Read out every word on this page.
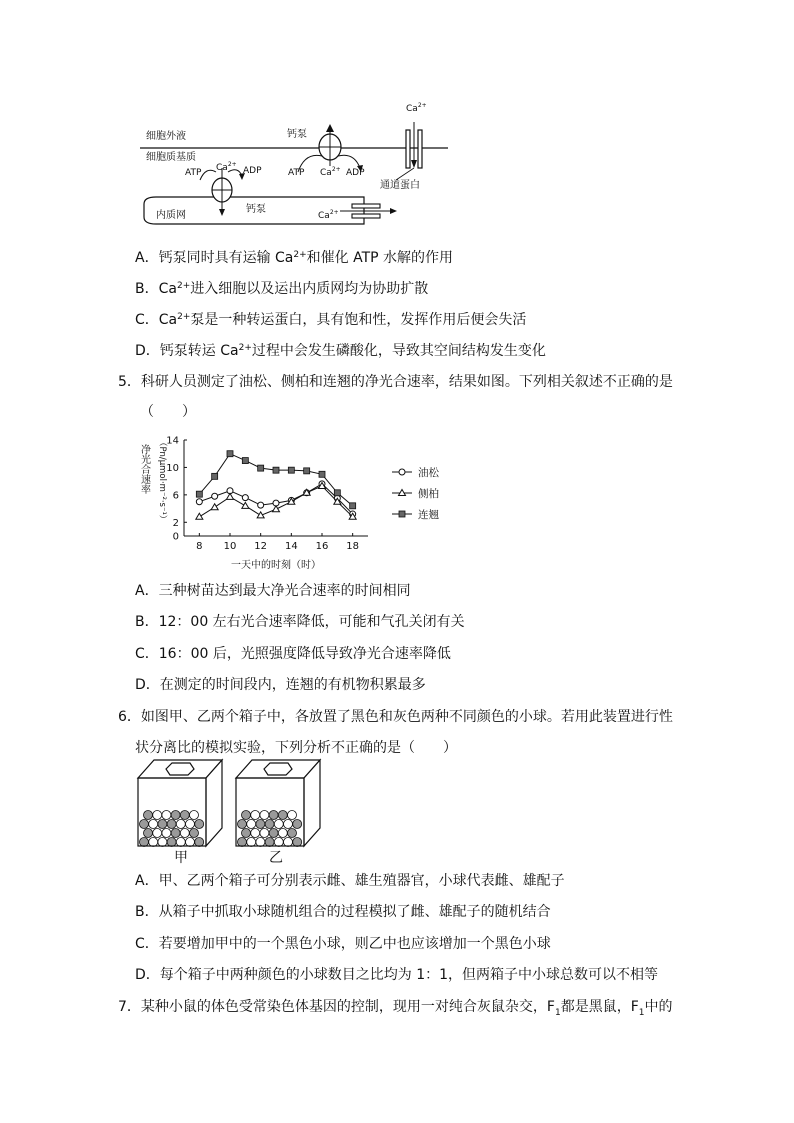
细胞外液
细胞质基质
钙泵
ATP $Ca^{2+}$ ADP
$Ca^{2+}$
通道蛋白
内质网
ATP $Ca^{2+}$
ADP
钙泵
$Ca^{2+}$
A．钙泵同时具有运输 $Ca^{2+}$和催化 ATP 水解的作用
B．$Ca^{2+}$进入细胞以及运出内质网均为协助扩散
C．$Ca^{2+}$泵是一种转运蛋白，具有饱和性，发挥作用后便会失活
D．钙泵转运 $Ca^{2+}$过程中会发生磷酸化，导致其空间结构发生变化
5．科研人员测定了油松、侧柏和连翘的净光合速率，结果如图。下列相关叙述不正确的是
（　　）
0
2
6
10
14
8 10 12 14 16 18
一天中的时刻（时）
净光合速率 （Pn/μmol·m⁻²·s⁻¹）	油松
侧柏
连翘
A．三种树苗达到最大净光合速率的时间相同
B．12：00 左右光合速率降低，可能和气孔关闭有关
C．16：00 后，光照强度降低导致净光合速率降低
D．在测定的时间段内，连翘的有机物积累最多
6．如图甲、乙两个箱子中，各放置了黑色和灰色两种不同颜色的小球。若用此装置进行性
状分离比的模拟实验，下列分析不正确的是（　　）
甲	乙
A．甲、乙两个箱子可分别表示雌、雄生殖器官，小球代表雌、雄配子
B．从箱子中抓取小球随机组合的过程模拟了雌、雄配子的随机结合
C．若要增加甲中的一个黑色小球，则乙中也应该增加一个黑色小球
D．每个箱子中两种颜色的小球数目之比均为 1：1，但两箱子中小球总数可以不相等
7．某种小鼠的体色受常染色体基因的控制，现用一对纯合灰鼠杂交，$F_1$都是黑鼠，$F_1$中的
